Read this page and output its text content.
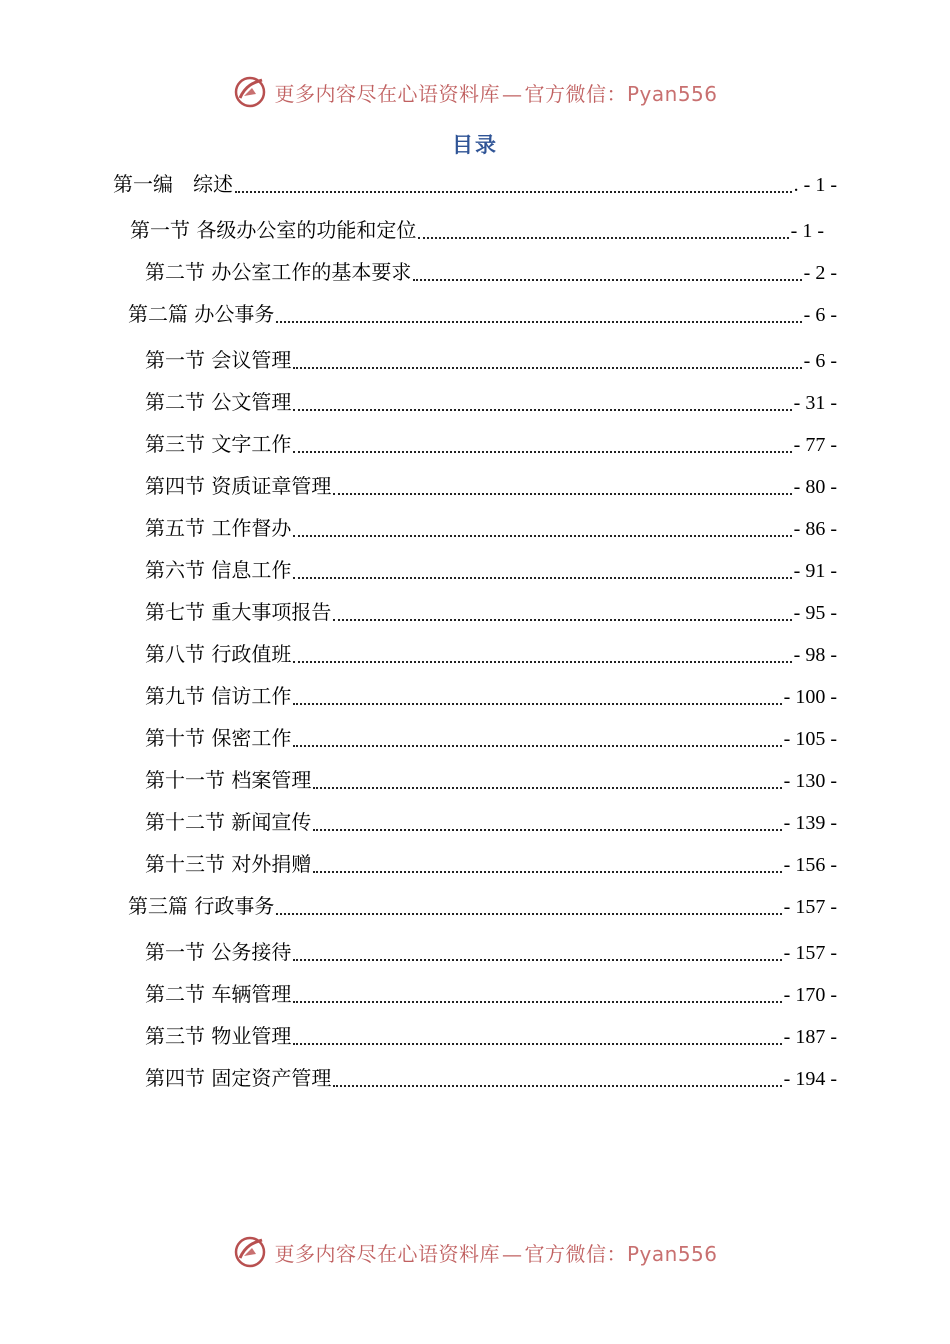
更多内容尽在心语资料库 — 官方微信：Pyan556
目录
第一编　综述	. - 1 -
第一节 各级办公室的功能和定位	- 1 -
第二节 办公室工作的基本要求	- 2 -
第二篇 办公事务	- 6 -
第一节 会议管理	- 6 -
第二节 公文管理	- 31 -
第三节 文字工作	- 77 -
第四节 资质证章管理	- 80 -
第五节 工作督办	- 86 -
第六节 信息工作	- 91 -
第七节 重大事项报告	- 95 -
第八节 行政值班	- 98 -
第九节 信访工作	- 100 -
第十节 保密工作	- 105 -
第十一节 档案管理	- 130 -
第十二节 新闻宣传	- 139 -
第十三节 对外捐赠	- 156 -
第三篇 行政事务	- 157 -
第一节 公务接待	- 157 -
第二节 车辆管理	- 170 -
第三节 物业管理	- 187 -
第四节 固定资产管理	- 194 -
更多内容尽在心语资料库 — 官方微信：Pyan556
